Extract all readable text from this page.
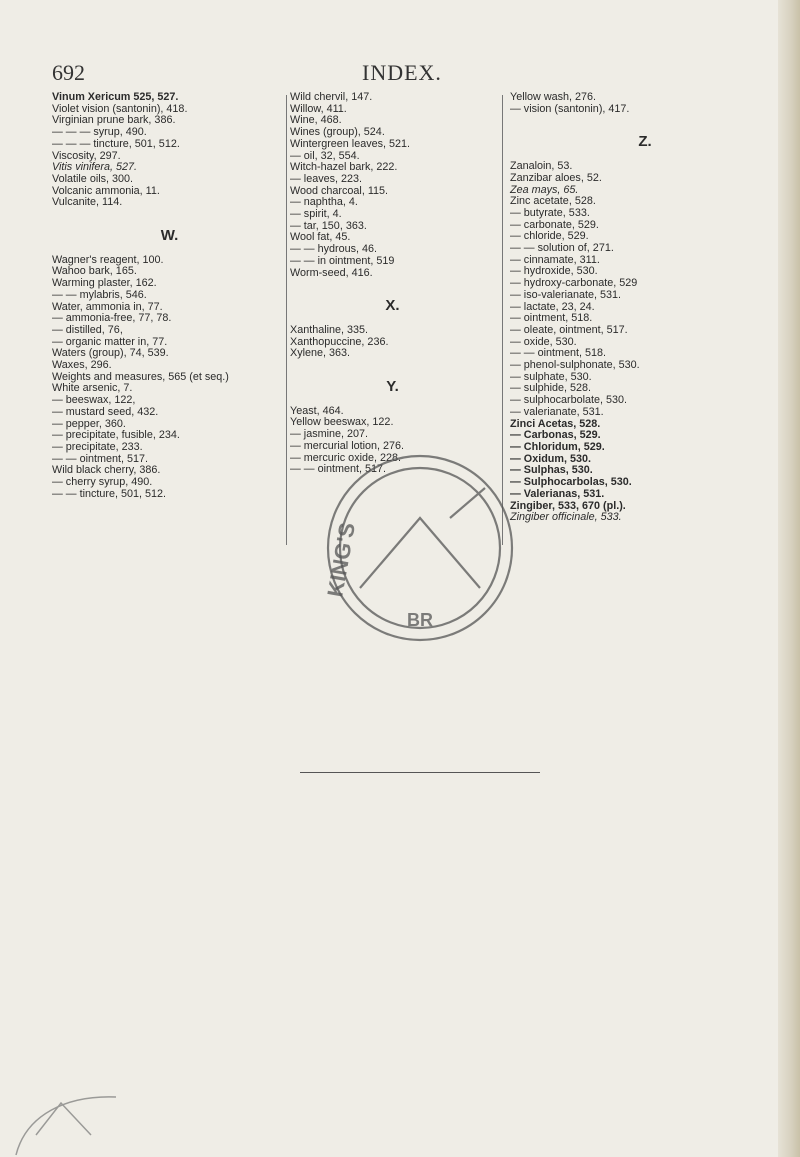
692	INDEX.
Vinum Xericum 525, 527.
Violet vision (santonin), 418.
Virginian prune bark, 386.
— — — syrup, 490.
— — — tincture, 501, 512.
Viscosity, 297.
Vitis vinifera, 527.
Volatile oils, 300.
Volcanic ammonia, 11.
Vulcanite, 114.
W.
Wagner's reagent, 100.
Wahoo bark, 165.
Warming plaster, 162.
— — mylabris, 546.
Water, ammonia in, 77.
— ammonia-free, 77, 78.
— distilled, 76,
— organic matter in, 77.
Waters (group), 74, 539.
Waxes, 296.
Weights and measures, 565 (et seq.)
White arsenic, 7.
— beeswax, 122,
— mustard seed, 432.
— pepper, 360.
— precipitate, fusible, 234.
— precipitate, 233.
— — ointment, 517.
Wild black cherry, 386.
— cherry syrup, 490.
— — tincture, 501, 512.
Wild chervil, 147.
Willow, 411.
Wine, 468.
Wines (group), 524.
Wintergreen leaves, 521.
— oil, 32, 554.
Witch-hazel bark, 222.
— leaves, 223.
Wood charcoal, 115.
— naphtha, 4.
— spirit, 4.
— tar, 150, 363.
Wool fat, 45.
— — hydrous, 46.
— — in ointment, 519
Worm-seed, 416.
X.
Xanthaline, 335.
Xanthopuccine, 236.
Xylene, 363.
Y.
Yeast, 464.
Yellow beeswax, 122.
— jasmine, 207.
— mercurial lotion, 276.
— mercuric oxide, 228.
— — ointment, 517.
Yellow wash, 276.
— vision (santonin), 417.
Z.
Zanaloin, 53.
Zanzibar aloes, 52.
Zea mays, 65.
Zinc acetate, 528.
— butyrate, 533.
— carbonate, 529.
— chloride, 529.
— — solution of, 271.
— cinnamate, 311.
— hydroxide, 530.
— hydroxy-carbonate, 529
— iso-valerianate, 531.
— lactate, 23, 24.
— ointment, 518.
— oleate, ointment, 517.
— oxide, 530.
— — ointment, 518.
— phenol-sulphonate, 530.
— sulphate, 530.
— sulphide, 528.
— sulphocarbolate, 530.
— valerianate, 531.
Zinci Acetas, 528.
— Carbonas, 529.
— Chloridum, 529.
— Oxidum, 530.
— Sulphas, 530.
— Sulphocarbolas, 530.
— Valerianas, 531.
Zingiber, 533, 670 (pl.).
Zingiber officinale, 533.
KING'S
BR
